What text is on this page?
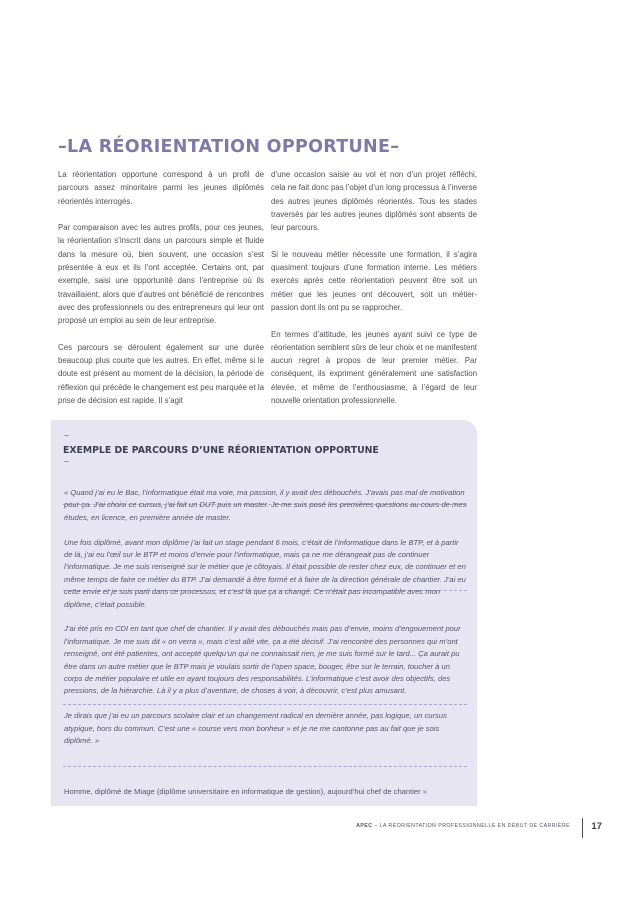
–LA RÉORIENTATION OPPORTUNE–

La réorientation opportune correspond à un profil de parcours assez minoritaire parmi les jeunes diplômés réorientés interrogés.

Par comparaison avec les autres profils, pour ces jeunes, la réorientation s’inscrit dans un parcours simple et fluide dans la mesure où, bien souvent, une occasion s’est présentée à eux et ils l’ont acceptée. Certains ont, par exemple, saisi une opportunité dans l’entreprise où ils travaillaient, alors que d’autres ont bénéficié de rencontres avec des professionnels ou des entrepreneurs qui leur ont proposé un emploi au sein de leur entreprise.

Ces parcours se déroulent également sur une durée beaucoup plus courte que les autres. En effet, même si le doute est présent au moment de la décision, la période de réflexion qui précède le changement est peu marquée et la prise de décision est rapide. Il s’agit

d’une occasion saisie au vol et non d’un projet réfléchi, cela ne fait donc pas l’objet d’un long processus à l’inverse des autres jeunes diplômés réorientés. Tous les stades traversés par les autres jeunes diplômés sont absents de leur parcours.

Si le nouveau métier nécessite une formation, il s’agira quasiment toujours d’une formation interne. Les métiers exercés après cette réorientation peuvent être soit un métier que les jeunes ont découvert, soit un métier-passion dont ils ont pu se rapprocher.

En termes d’attitude, les jeunes ayant suivi ce type de réorientation semblent sûrs de leur choix et ne manifestent aucun regret à propos de leur premier métier. Par conséquent, ils expriment généralement une satisfaction élevée, et même de l’enthousiasme, à l’égard de leur nouvelle orientation professionnelle.

–
EXEMPLE DE PARCOURS D’UNE RÉORIENTATION OPPORTUNE
–

« Quand j’ai eu le Bac, l’informatique était ma voie, ma passion, il y avait des débouchés. J’avais pas mal de motivation pour ça. J’ai choisi ce cursus, j’ai fait un DUT puis un master. Je me suis posé les premières questions au cours de mes études, en licence, en première année de master.

Une fois diplômé, avant mon diplôme j’ai fait un stage pendant 6 mois, c’était de l’informatique dans le BTP, et à partir de là, j’ai eu l’œil sur le BTP et moins d’envie pour l’informatique, mais ça ne me dérangeait pas de continuer l’informatique. Je me suis renseigné sur le métier que je côtoyais. Il était possible de rester chez eux, de continuer et en même temps de faire ce métier du BTP. J’ai demandé à être formé et à faire de la direction générale de chantier. J’ai eu cette envie et je suis parti dans ce processus, et c’est là que ça a changé. Ce n’était pas incompatible avec mon diplôme, c’était possible.

J’ai été pris en CDI en tant que chef de chantier. Il y avait des débouchés mais pas d’envie, moins d’engouement pour l’informatique. Je me suis dit « on verra », mais c’est allé vite, ça a été décisif. J’ai rencontré des personnes qui m’ont renseigné, ont été patientes, ont accepté quelqu’un qui ne connaissait rien, je me suis formé sur le tard... Ça aurait pu être dans un autre métier que le BTP mais je voulais sortir de l’open space, bouger, être sur le terrain, toucher à un corps de métier populaire et utile en ayant toujours des responsabilités. L’informatique c’est avoir des objectifs, des pressions, de la hiérarchie. Là il y a plus d’aventure, de choses à voir, à découvrir, c’est plus amusant.

Je dirais que j’ai eu un parcours scolaire clair et un changement radical en dernière année, pas logique, un cursus atypique, hors du commun. C’est une « course vers mon bonheur » et je ne me cantonne pas au fait que je sois diplômé. »

Homme, diplômé de Miage (diplôme universitaire en informatique de gestion), aujourd’hui chef de chantier »
APEC – LA RÉORIENTATION PROFESSIONNELLE EN DÉBUT DE CARRIÈRE 17
